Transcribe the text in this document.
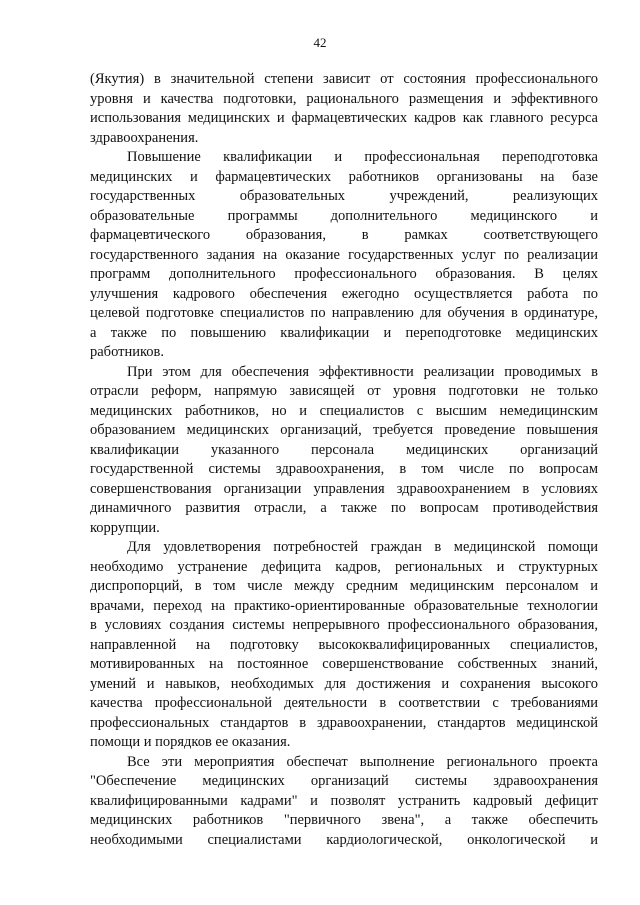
42
(Якутия) в значительной степени зависит от состояния профессионального
уровня и качества подготовки, рационального размещения и эффективного
использования медицинских и фармацевтических кадров как главного ресурса
здравоохранения.
Повышение квалификации и профессиональная переподготовка
медицинских и фармацевтических работников организованы на базе
государственных образовательных учреждений, реализующих
образовательные программы дополнительного медицинского и
фармацевтического образования, в рамках соответствующего
государственного задания на оказание государственных услуг по реализации
программ дополнительного профессионального образования. В целях
улучшения кадрового обеспечения ежегодно осуществляется работа по
целевой подготовке специалистов по направлению для обучения в ординатуре,
а также по повышению квалификации и переподготовке медицинских
работников.
При этом для обеспечения эффективности реализации проводимых в
отрасли реформ, напрямую зависящей от уровня подготовки не только
медицинских работников, но и специалистов с высшим немедицинским
образованием медицинских организаций, требуется проведение повышения
квалификации указанного персонала медицинских организаций
государственной системы здравоохранения, в том числе по вопросам
совершенствования организации управления здравоохранением в условиях
динамичного развития отрасли, а также по вопросам противодействия
коррупции.
Для удовлетворения потребностей граждан в медицинской помощи
необходимо устранение дефицита кадров, региональных и структурных
диспропорций, в том числе между средним медицинским персоналом и
врачами, переход на практико-ориентированные образовательные технологии
в условиях создания системы непрерывного профессионального образования,
направленной на подготовку высококвалифицированных специалистов,
мотивированных на постоянное совершенствование собственных знаний,
умений и навыков, необходимых для достижения и сохранения высокого
качества профессиональной деятельности в соответствии с требованиями
профессиональных стандартов в здравоохранении, стандартов медицинской
помощи и порядков ее оказания.
Все эти мероприятия обеспечат выполнение регионального проекта
"Обеспечение медицинских организаций системы здравоохранения
квалифицированными кадрами" и позволят устранить кадровый дефицит
медицинских работников "первичного звена", а также обеспечить
необходимыми специалистами кардиологической, онкологической и
